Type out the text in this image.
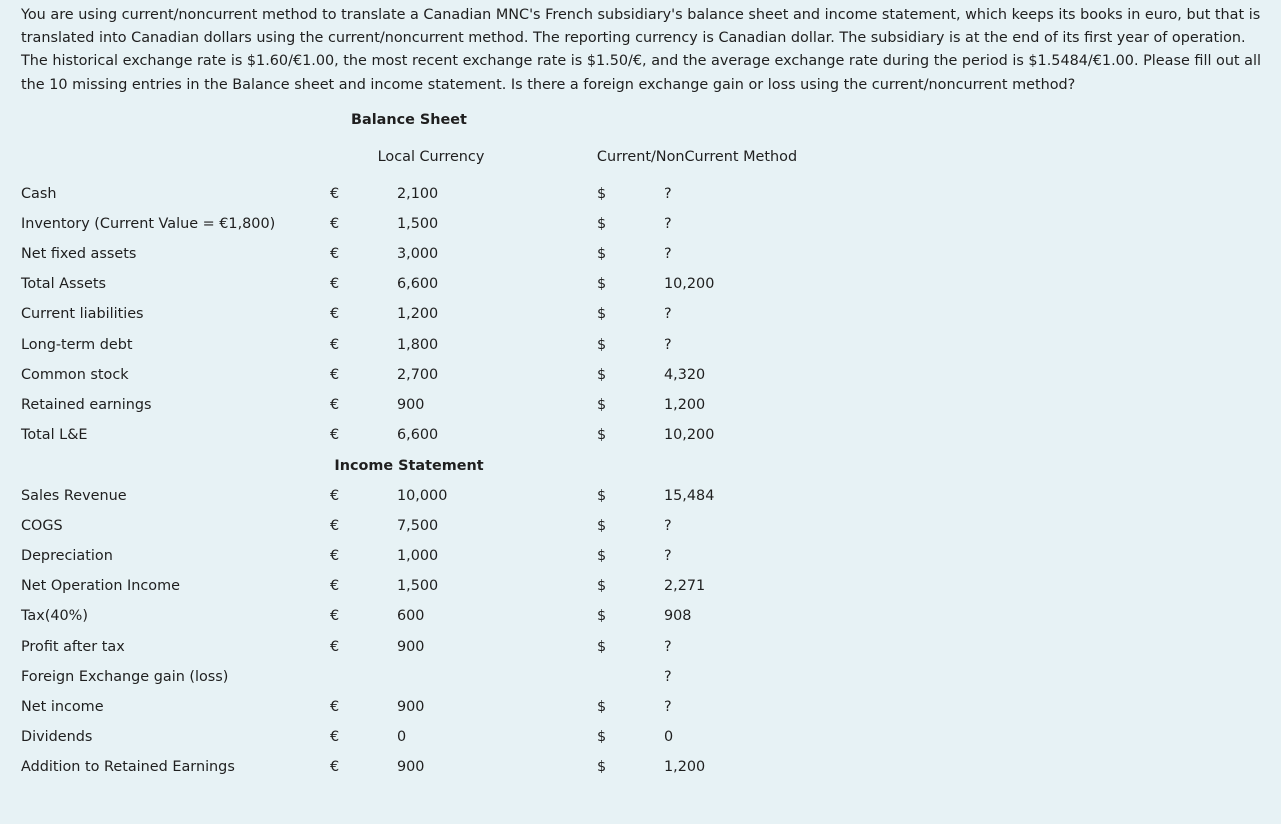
You are using current/noncurrent method to translate a Canadian MNC's French subsidiary's balance sheet and income statement, which keeps its books in euro, but that is translated into Canadian dollars using the current/noncurrent method. The reporting currency is Canadian dollar. The subsidiary is at the end of its first year of operation. The historical exchange rate is $1.60/€1.00, the most recent exchange rate is $1.50/€, and the average exchange rate during the period is $1.5484/€1.00. Please fill out all the 10 missing entries in the Balance sheet and income statement. Is there a foreign exchange gain or loss using the current/noncurrent method?

Balance Sheet
Local Currency	Current/NonCurrent Method
Cash	€	2,100	$	?
Inventory (Current Value = €1,800)	€	1,500	$	?
Net fixed assets	€	3,000	$	?
Total Assets	€	6,600	$	10,200
Current liabilities	€	1,200	$	?
Long-term debt	€	1,800	$	?
Common stock	€	2,700	$	4,320
Retained earnings	€	900	$	1,200
Total L&E	€	6,600	$	10,200
Income Statement
Sales Revenue	€	10,000	$	15,484
COGS	€	7,500	$	?
Depreciation	€	1,000	$	?
Net Operation Income	€	1,500	$	2,271
Tax(40%)	€	600	$	908
Profit after tax	€	900	$	?
Foreign Exchange gain (loss)	?
Net income	€	900	$	?
Dividends	€	0	$	0
Addition to Retained Earnings	€	900	$	1,200
